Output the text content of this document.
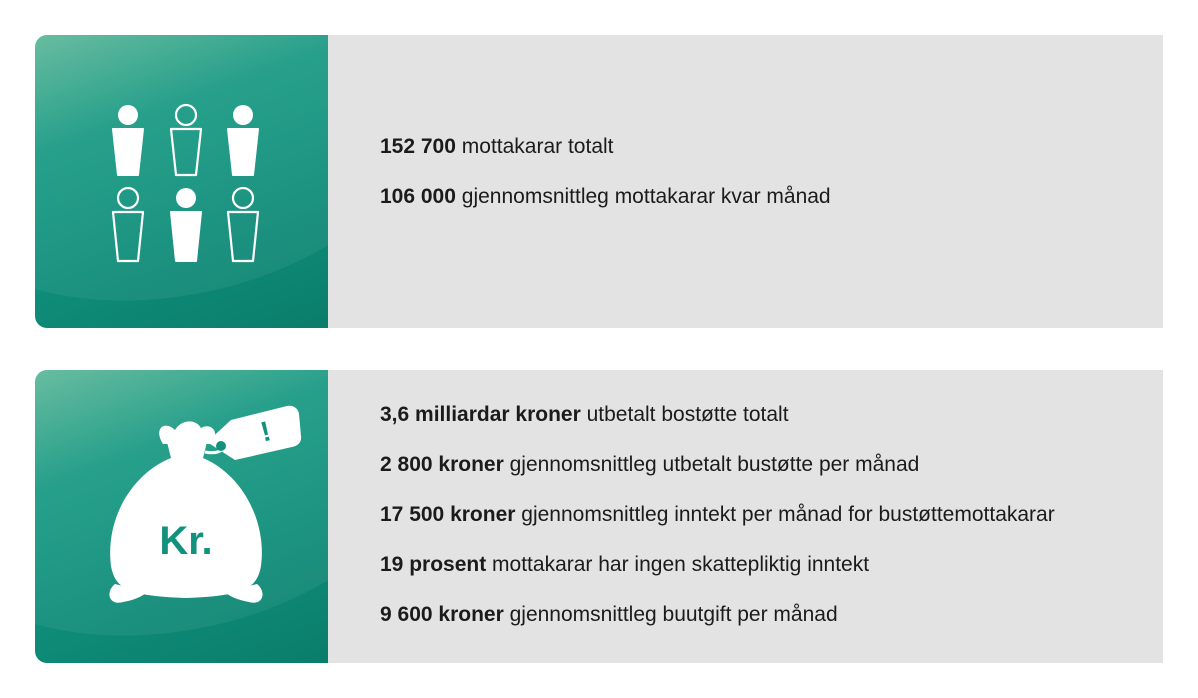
152 700 mottakarar totalt
106 000 gjennomsnittleg mottakarar kvar månad
!
Kr.
3,6 milliardar kroner utbetalt bostøtte totalt
2 800 kroner gjennomsnittleg utbetalt bustøtte per månad
17 500 kroner gjennomsnittleg inntekt per månad for bustøttemottakarar
19 prosent mottakarar har ingen skattepliktig inntekt
9 600 kroner gjennomsnittleg buutgift per månad
